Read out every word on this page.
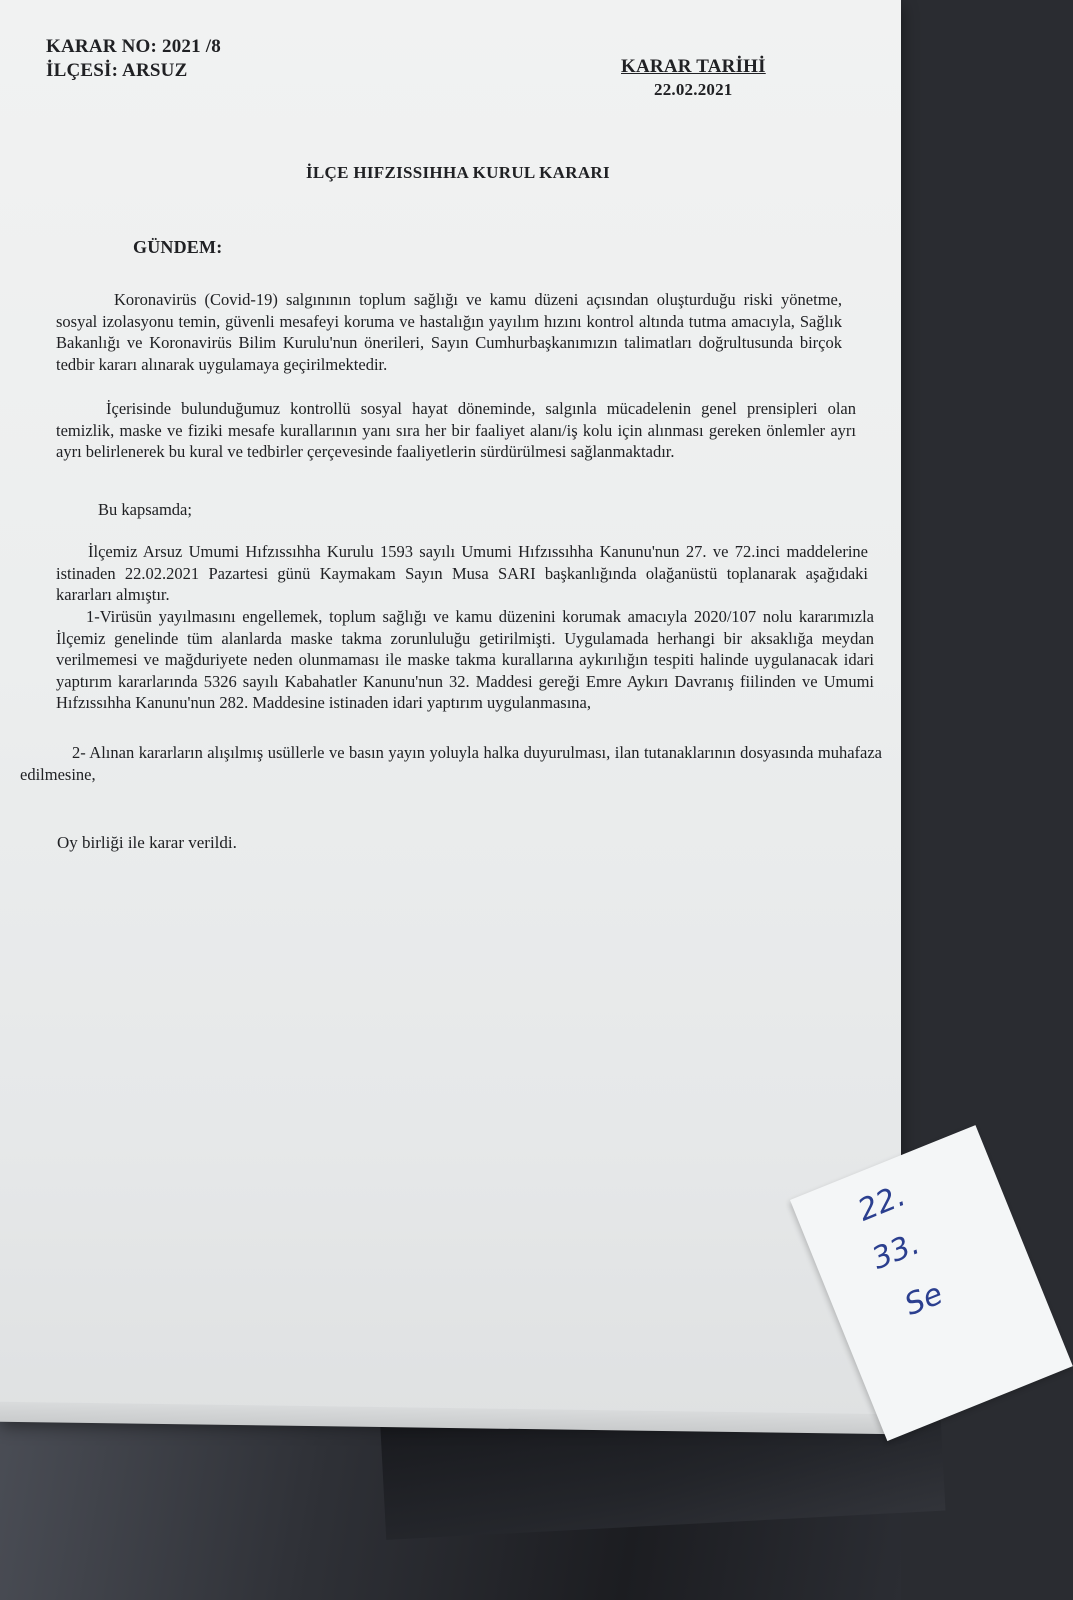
KARAR NO: 2021 /8
İLÇESİ: ARSUZ	KARAR TARİHİ
22.02.2021
İLÇE HIFZISSIHHA KURUL KARARI
GÜNDEM:
Koronavirüs (Covid-19) salgınının toplum sağlığı ve kamu düzeni açısından oluşturduğu riski yönetme, sosyal izolasyonu temin, güvenli mesafeyi koruma ve hastalığın yayılım hızını kontrol altında tutma amacıyla, Sağlık Bakanlığı ve Koronavirüs Bilim Kurulu'nun önerileri, Sayın Cumhurbaşkanımızın talimatları doğrultusunda birçok tedbir kararı alınarak uygulamaya geçirilmektedir.
İçerisinde bulunduğumuz kontrollü sosyal hayat döneminde, salgınla mücadelenin genel prensipleri olan temizlik, maske ve fiziki mesafe kurallarının yanı sıra her bir faaliyet alanı/iş kolu için alınması gereken önlemler ayrı ayrı belirlenerek bu kural ve tedbirler çerçevesinde faaliyetlerin sürdürülmesi sağlanmaktadır.
Bu kapsamda;
İlçemiz Arsuz Umumi Hıfzıssıhha Kurulu 1593 sayılı Umumi Hıfzıssıhha Kanunu'nun 27. ve 72.inci maddelerine istinaden 22.02.2021 Pazartesi günü Kaymakam Sayın Musa SARI başkanlığında olağanüstü toplanarak aşağıdaki kararları almıştır.
1-Virüsün yayılmasını engellemek, toplum sağlığı ve kamu düzenini korumak amacıyla 2020/107 nolu kararımızla İlçemiz genelinde tüm alanlarda maske takma zorunluluğu getirilmişti. Uygulamada herhangi bir aksaklığa meydan verilmemesi ve mağduriyete neden olunmaması ile maske takma kurallarına aykırılığın tespiti halinde uygulanacak idari yaptırım kararlarında 5326 sayılı Kabahatler Kanunu'nun 32. Maddesi gereği Emre Aykırı Davranış fiilinden ve Umumi Hıfzıssıhha Kanunu'nun 282. Maddesine istinaden idari yaptırım uygulanmasına,
2- Alınan kararların alışılmış usüllerle ve basın yayın yoluyla halka duyurulması, ilan tutanaklarının dosyasında muhafaza edilmesine,
Oy birliği ile karar verildi.
22.
33.
Se
